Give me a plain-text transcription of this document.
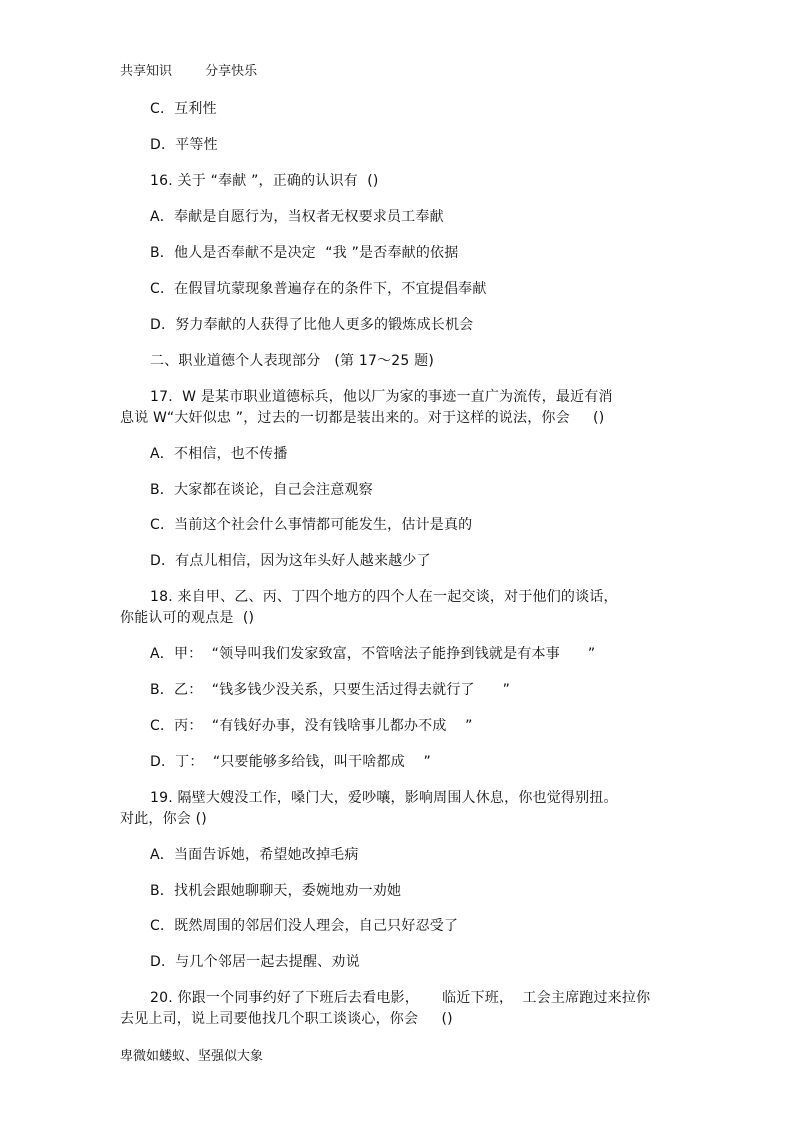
共享知识	分享快乐
C．互利性
D．平等性
16. 关于 “奉献 ”，正确的认识有  ()
A．奉献是自愿行为，当权者无权要求员工奉献
B．他人是否奉献不是决定  “我 ”是否奉献的依据
C．在假冒坑蒙现象普遍存在的条件下，不宜提倡奉献
D．努力奉献的人获得了比他人更多的锻炼成长机会
二、职业道德个人表现部分   (第 17～25 题)
17.  W 是某市职业道德标兵，他以厂为家的事迹一直广为流传，最近有消
息说 W“大奸似忠 ”，过去的一切都是装出来的。对于这样的说法，你会     ()
A．不相信，也不传播
B．大家都在谈论，自己会注意观察
C．当前这个社会什么事情都可能发生，估计是真的
D．有点儿相信，因为这年头好人越来越少了
18. 来自甲、乙、丙、丁四个地方的四个人在一起交谈，对于他们的谈话，
你能认可的观点是  ()
A．甲：  “领导叫我们发家致富，不管啥法子能挣到钱就是有本事      ”
B．乙：  “钱多钱少没关系，只要生活过得去就行了      ”
C．丙：  “有钱好办事，没有钱啥事儿都办不成    ”
D．丁：  “只要能够多给钱，叫干啥都成    ”
19. 隔壁大嫂没工作，嗓门大，爱吵嚷，影响周围人休息，你也觉得别扭。
对此，你会 ()
A．当面告诉她，希望她改掉毛病
B．找机会跟她聊聊天，委婉地劝一劝她
C．既然周围的邻居们没人理会，自己只好忍受了
D．与几个邻居一起去提醒、劝说
20. 你跟一个同事约好了下班后去看电影，     临近下班，  工会主席跑过来拉你
去见上司，说上司要他找几个职工谈谈心，你会     ()
卑微如蝼蚁、坚强似大象
